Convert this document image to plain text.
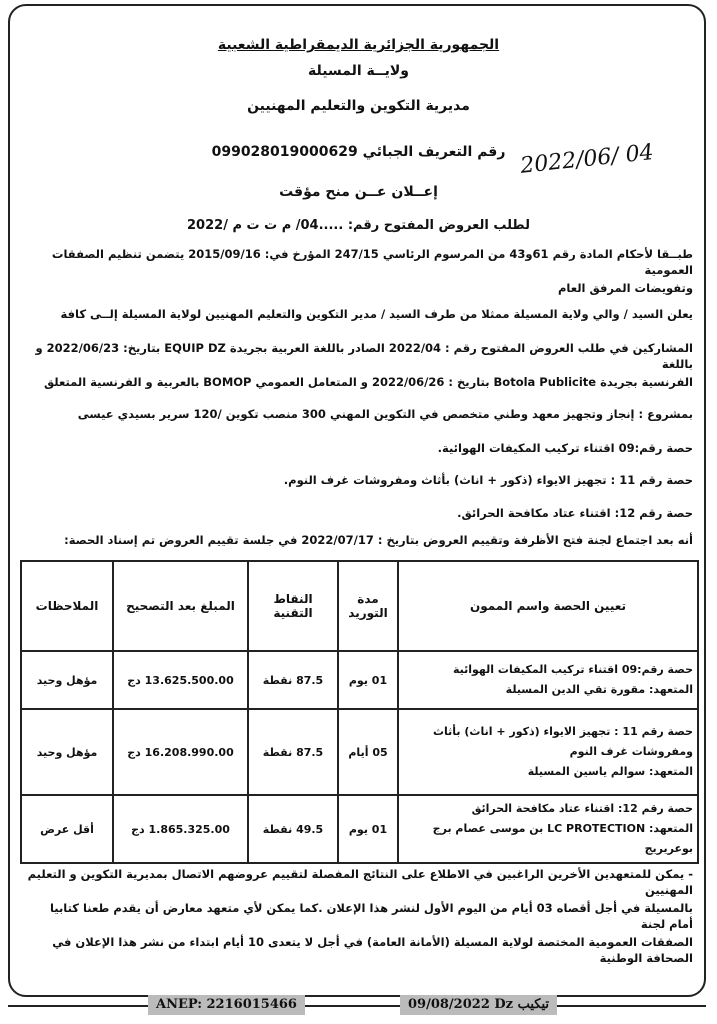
الجمهورية الجزائرية الديمقراطية الشعبية
ولايــة المسيلة
مديرية التكوين والتعليم المهنيين
رقم التعريف الجبائي 099028019000629
إعــلان عــن منح مؤقت
لطلب العروض المفتوح رقم: .....04/ م ت ت م /2022
2022/06/ 04
طبــقا لأحكام المادة رقم 61و43 من المرسوم الرئاسي 247/15 المؤرخ في: 2015/09/16 يتضمن تنظيم الصفقات العمومية
وتفويضات المرفق العام
يعلن السيد / والي ولاية المسيلة ممثلا من طرف السيد / مدير التكوين والتعليم المهنيين لولاية المسيلة إلــى كافة
المشاركين في طلب العروض المفتوح رقم : 2022/04 الصادر باللغة العربية بجريدة EQUIP DZ بتاريخ: 2022/06/23 و باللغة
الفرنسية بجريدة Botola Publicite بتاريخ : 2022/06/26 و المتعامل العمومي BOMOP بالعربية و الفرنسية المتعلق
بمشروع : إنجاز وتجهيز معهد وطني متخصص في التكوين المهني 300 منصب تكوين /120 سرير بسيدي عيسى
حصة رقم:09 اقتناء تركيب المكيفات الهوائية.
حصة رقم 11 : تجهيز الايواء (ذكور + اناث) بأثاث ومفروشات غرف النوم.
حصة رقم 12: اقتناء عتاد مكافحة الحرائق.
أنه بعد اجتماع لجنة فتح الأظرفة وتقييم العروض بتاريخ : 2022/07/17 في جلسة تقييم العروض تم إسناد الحصة:
تعيين الحصة واسم الممون	مدة التوريد	النقاط التقنية	المبلغ بعد التصحيح	الملاحظات

حصة رقم:09 اقتناء تركيب المكيفات الهوائية
المتعهد: مقورة تقي الدين المسيلة	01 يوم	87.5 نقطة	13.625.500.00 دج	مؤهل وحيد

حصة رقم 11 : تجهيز الايواء (ذكور + اناث) بأثاث ومفروشات غرف النوم
المتعهد: سوالم ياسين المسيلة	05 أيام	87.5 نقطة	16.208.990.00 دج	مؤهل وحيد

حصة رقم 12: اقتناء عتاد مكافحة الحرائق
المتعهد: LC PROTECTION بن موسى عصام برج بوعريريج	01 يوم	49.5 نقطة	1.865.325.00 دج	أقل عرض
- يمكن للمتعهدين الأخرين الراغبين في الاطلاع على النتائج المفصلة لتقييم عروضهم الاتصال بمديرية التكوين و التعليم المهنيين
بالمسيلة في أجل أقصاه 03 أيام من اليوم الأول لنشر هذا الإعلان .كما يمكن لأي متعهد معارض أن يقدم طعنا كتابيا أمام لجنة
الصفقات العمومية المختصة لولاية المسيلة (الأمانة العامة) في أجل لا يتعدى 10 أيام ابتداء من نشر هذا الإعلان في الصحافة الوطنية
ANEP: 2216015466	09/08/2022 Dz تيكيب
